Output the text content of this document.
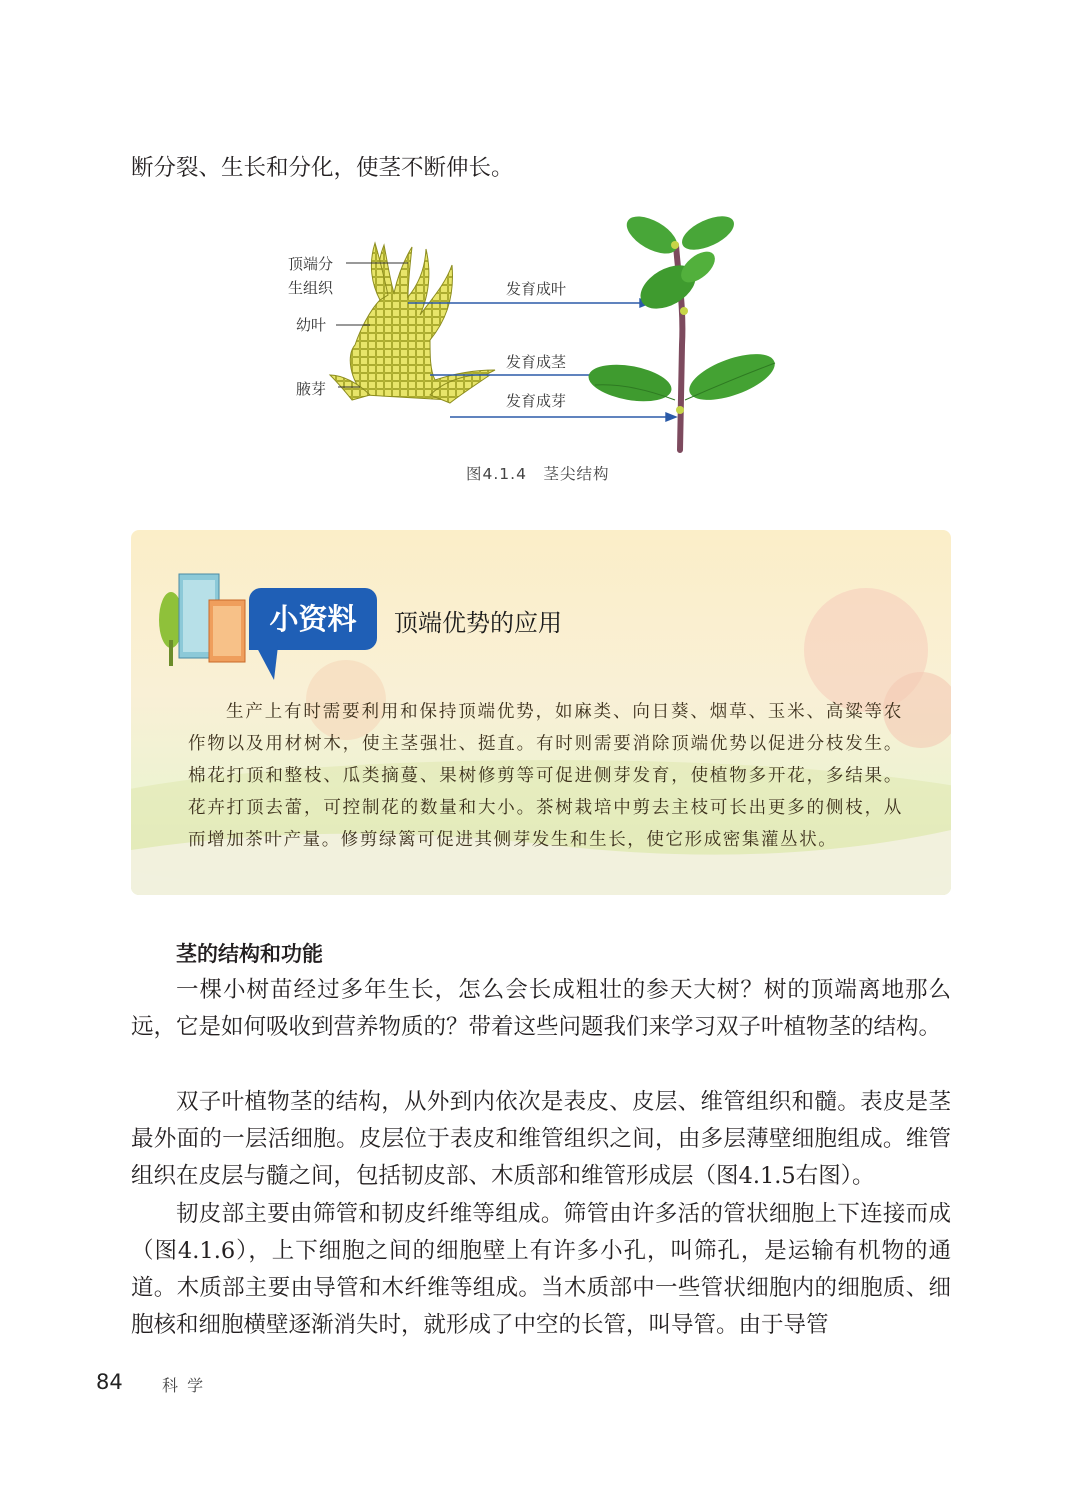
断分裂、生长和分化，使茎不断伸长。
顶端分
生组织
幼叶
腋芽
发育成叶
发育成茎
发育成芽
图4.1.4　茎尖结构
小资料	顶端优势的应用

生产上有时需要利用和保持顶端优势，如麻类、向日葵、烟草、玉米、高粱等农作物以及用材树木，使主茎强壮、挺直。有时则需要消除顶端优势以促进分枝发生。棉花打顶和整枝、瓜类摘蔓、果树修剪等可促进侧芽发育，使植物多开花，多结果。花卉打顶去蕾，可控制花的数量和大小。茶树栽培中剪去主枝可长出更多的侧枝，从而增加茶叶产量。修剪绿篱可促进其侧芽发生和生长，使它形成密集灌丛状。

茎的结构和功能

一棵小树苗经过多年生长，怎么会长成粗壮的参天大树？树的顶端离地那么远，它是如何吸收到营养物质的？带着这些问题我们来学习双子叶植物茎的结构。

双子叶植物茎的结构，从外到内依次是表皮、皮层、维管组织和髓。表皮是茎最外面的一层活细胞。皮层位于表皮和维管组织之间，由多层薄壁细胞组成。维管组织在皮层与髓之间，包括韧皮部、木质部和维管形成层（图4.1.5右图）。

韧皮部主要由筛管和韧皮纤维等组成。筛管由许多活的管状细胞上下连接而成（图4.1.6），上下细胞之间的细胞壁上有许多小孔，叫筛孔，是运输有机物的通道。木质部主要由导管和木纤维等组成。当木质部中一些管状细胞内的细胞质、细胞核和细胞横壁逐渐消失时，就形成了中空的长管，叫导管。由于导管

84 科 学
